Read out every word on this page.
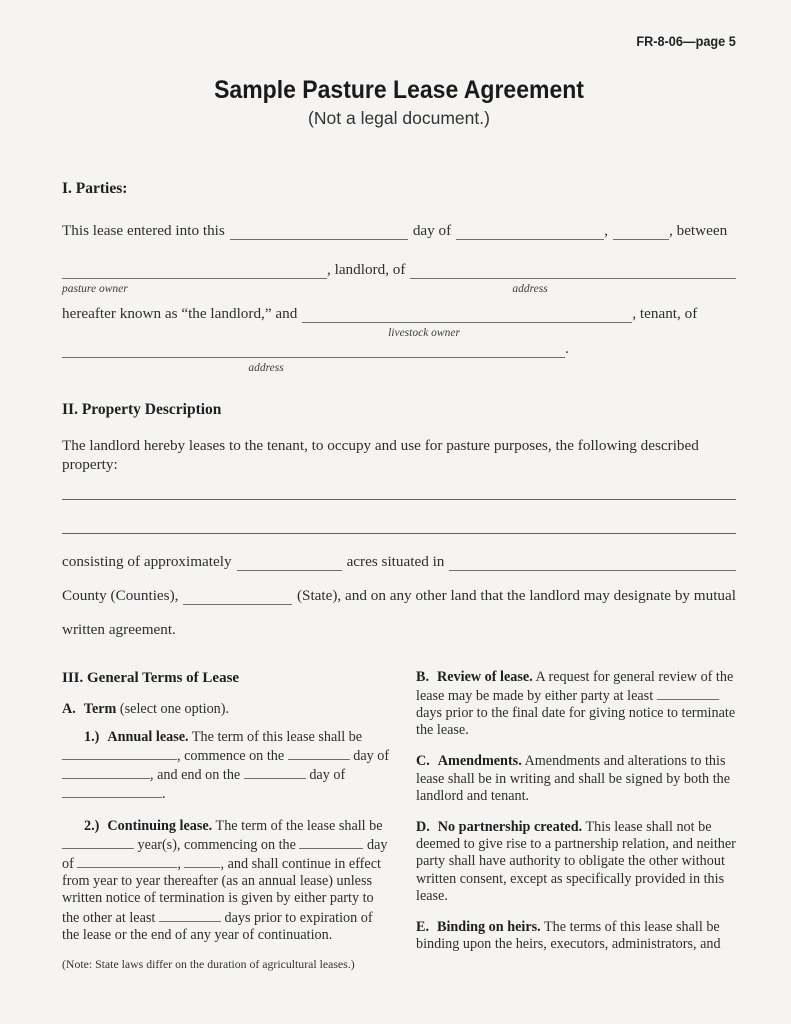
FR-8-06—page 5
Sample Pasture Lease Agreement
(Not a legal document.)
I. Parties:
This lease entered into this	day of	,	, between
, landlord, of
pasture owner	address
hereafter known as “the landlord,” and	, tenant, of
livestock owner
.
address
II. Property Description
The landlord hereby leases to the tenant, to occupy and use for pasture purposes, the following described property:
consisting of approximately	acres situated in
County (Counties),	(State), and on any other land that the landlord may designate by mutual
written agreement.
III. General Terms of Lease

A. Term (select one option).

1.) Annual lease. The term of this lease shall be , commence on the	day of , and end on the	day of .

2.) Continuing lease. The term of the lease shall be  year(s), commencing on the	day of	,	, and shall continue in effect from year to year thereafter (as an annual lease) unless written notice of termination is given by either party to the other at least	days prior to expiration of the lease or the end of any year of continuation.

(Note: State laws differ on the duration of agricultural leases.)

B. Review of lease. A request for general review of the lease may be made by either party at least  days prior to the final date for giving notice to terminate the lease.

C. Amendments. Amendments and alterations to this lease shall be in writing and shall be signed by both the landlord and tenant.

D. No partnership created. This lease shall not be deemed to give rise to a partnership relation, and neither party shall have authority to obligate the other without written consent, except as specifically provided in this lease.

E. Binding on heirs. The terms of this lease shall be binding upon the heirs, executors, administrators, and
